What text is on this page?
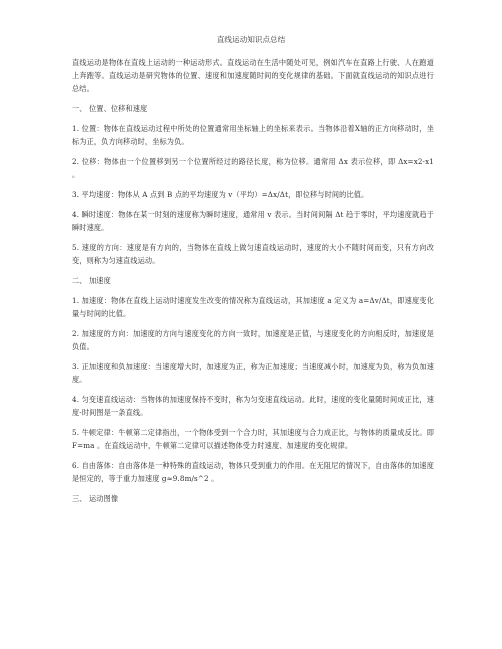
直线运动知识点总结

直线运动是物体在直线上运动的一种运动形式。直线运动在生活中随处可见，例如汽车在直路上行驶、人在跑道上奔跑等。直线运动是研究物体的位置、速度和加速度随时间的变化规律的基础。下面就直线运动的知识点进行总结。

一、 位置、位移和速度

1. 位置：物体在直线运动过程中所处的位置通常用坐标轴上的坐标来表示。当物体沿着X轴的正方向移动时，坐标为正，负方向移动时，坐标为负。

2. 位移：物体由一个位置移到另一个位置所经过的路径长度，称为位移。通常用 Δx 表示位移，即 Δx=x2-x1 。

3. 平均速度：物体从 A 点到 B 点的平均速度为 v（平均）=Δx/Δt，即位移与时间的比值。

4. 瞬时速度：物体在某一时刻的速度称为瞬时速度，通常用 v 表示。当时间间隔 Δt 趋于零时，平均速度就趋于瞬时速度。

5. 速度的方向：速度是有方向的，当物体在直线上做匀速直线运动时，速度的大小不随时间而变，只有方向改变，则称为匀速直线运动。

二、 加速度

1. 加速度：物体在直线上运动时速度发生改变的情况称为直线运动，其加速度 a 定义为 a=Δv/Δt，即速度变化量与时间的比值。

2. 加速度的方向：加速度的方向与速度变化的方向一致时，加速度是正值，与速度变化的方向相反时，加速度是负值。

3. 正加速度和负加速度：当速度增大时，加速度为正，称为正加速度；当速度减小时，加速度为负，称为负加速度。

4. 匀变速直线运动：当物体的加速度保持不变时，称为匀变速直线运动。此时，速度的变化量随时间成正比，速度-时间图是一条直线。

5. 牛顿定律：牛顿第二定律指出，一个物体受到一个合力时，其加速度与合力成正比，与物体的质量成反比。即 F=ma 。在直线运动中，牛顿第二定律可以描述物体受力时速度、加速度的变化规律。

6. 自由落体：自由落体是一种特殊的直线运动，物体只受到重力的作用。在无阻尼的情况下，自由落体的加速度是恒定的，等于重力加速度 g≈9.8m/s^2 。

三、 运动图像
